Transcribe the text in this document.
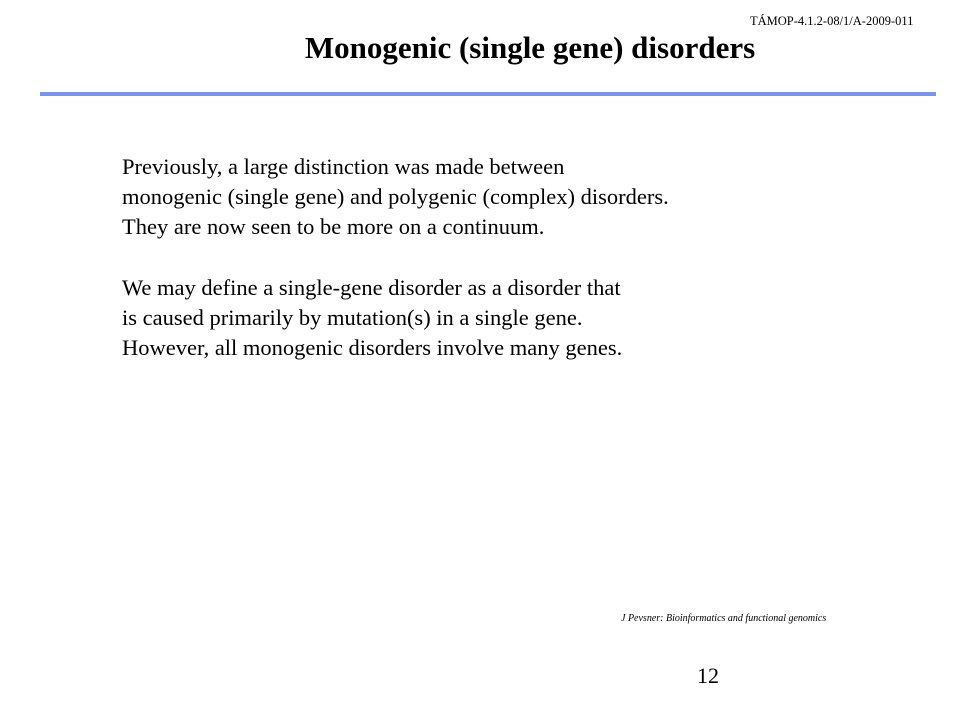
TÁMOP-4.1.2-08/1/A-2009-011
Monogenic (single gene) disorders

Previously, a large distinction was made between
monogenic (single gene) and polygenic (complex) disorders.
They are now seen to be more on a continuum.

We may define a single-gene disorder as a disorder that
is caused primarily by mutation(s) in a single gene.
However, all monogenic disorders involve many genes.

J Pevsner: Bioinformatics and functional genomics
12
